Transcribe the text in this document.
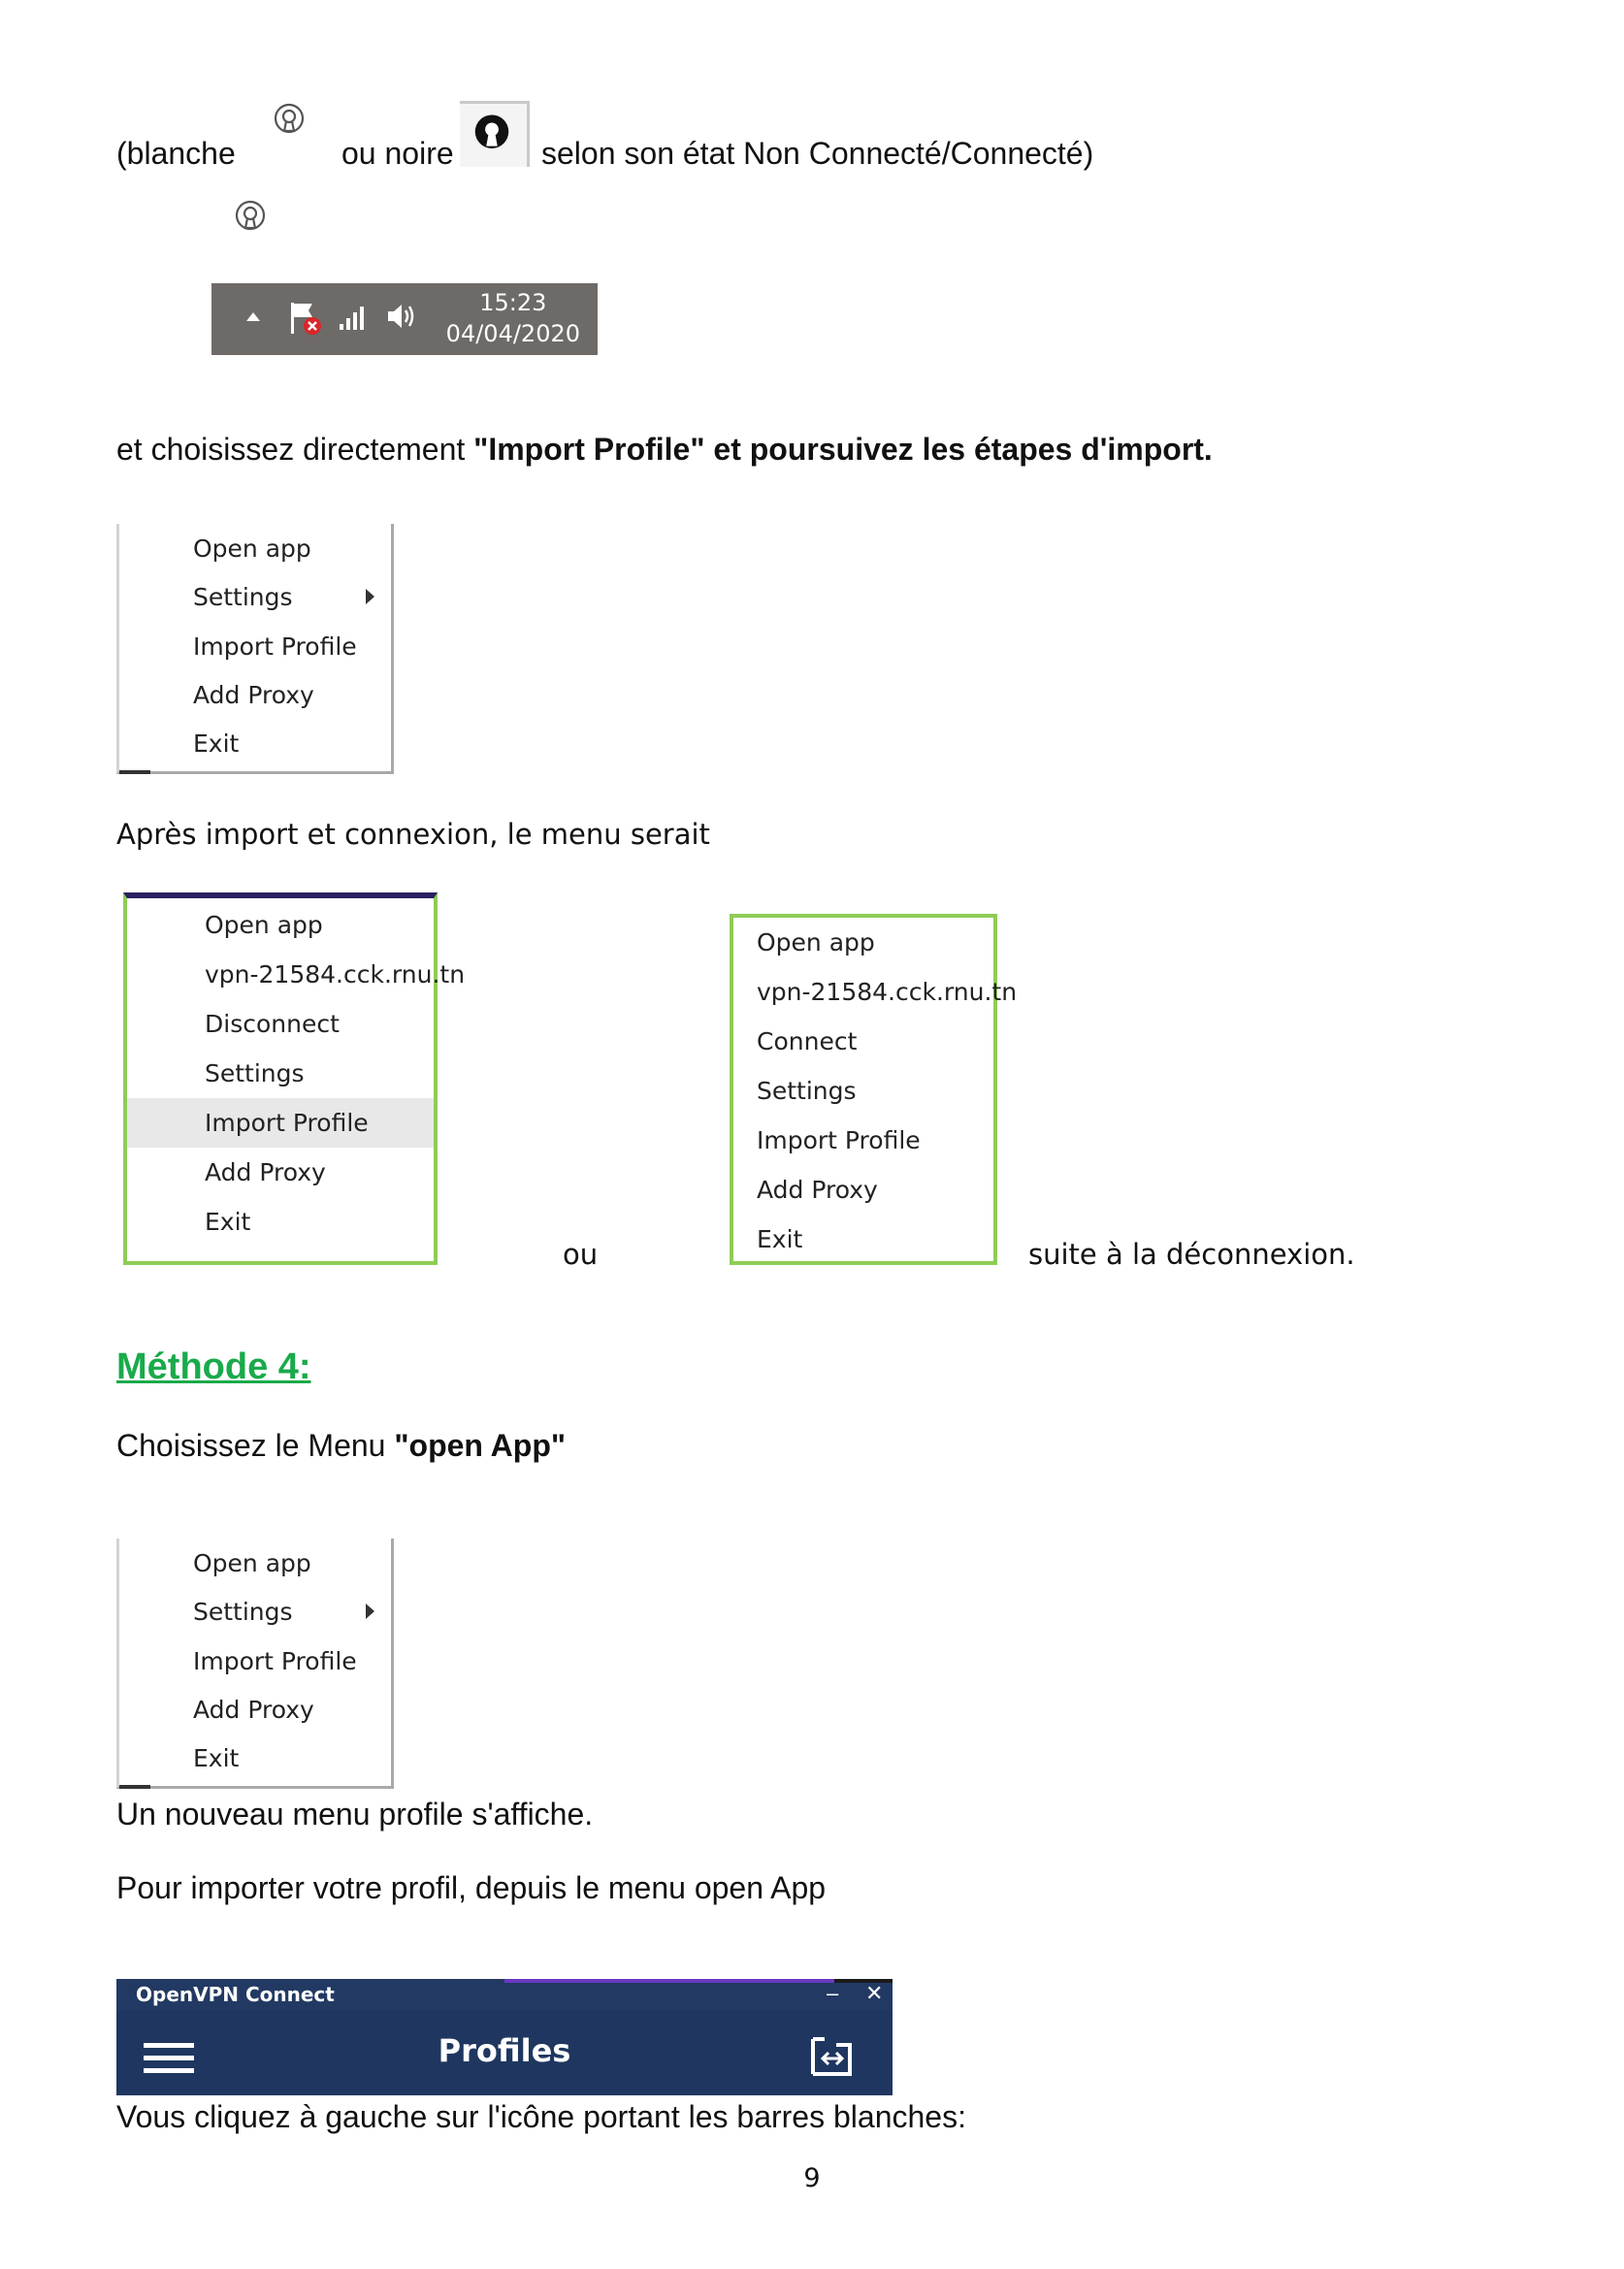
(blanche	ou noire	selon son état Non Connecté/Connecté)
15:23
04/04/2020
et choisissez directement "Import Profile" et poursuivez les étapes d'import.
Open app
Settings
Import Profile
Add Proxy
Exit
Après import et connexion, le menu serait
Open app
vpn-21584.cck.rnu.tn
Disconnect
Settings
Import Profile
Add Proxy
Exit
ou
Open app
vpn-21584.cck.rnu.tn
Connect
Settings
Import Profile
Add Proxy
Exit	suite à la déconnexion.
Méthode 4:
Choisissez le Menu "open App"
Open app
Settings
Import Profile
Add Proxy
Exit
Un nouveau menu profile s'affiche.
Pour importer votre profil, depuis le menu open App
OpenVPN Connect	– ✕
Profiles
Vous cliquez à gauche sur l'icône portant les barres blanches:
9
